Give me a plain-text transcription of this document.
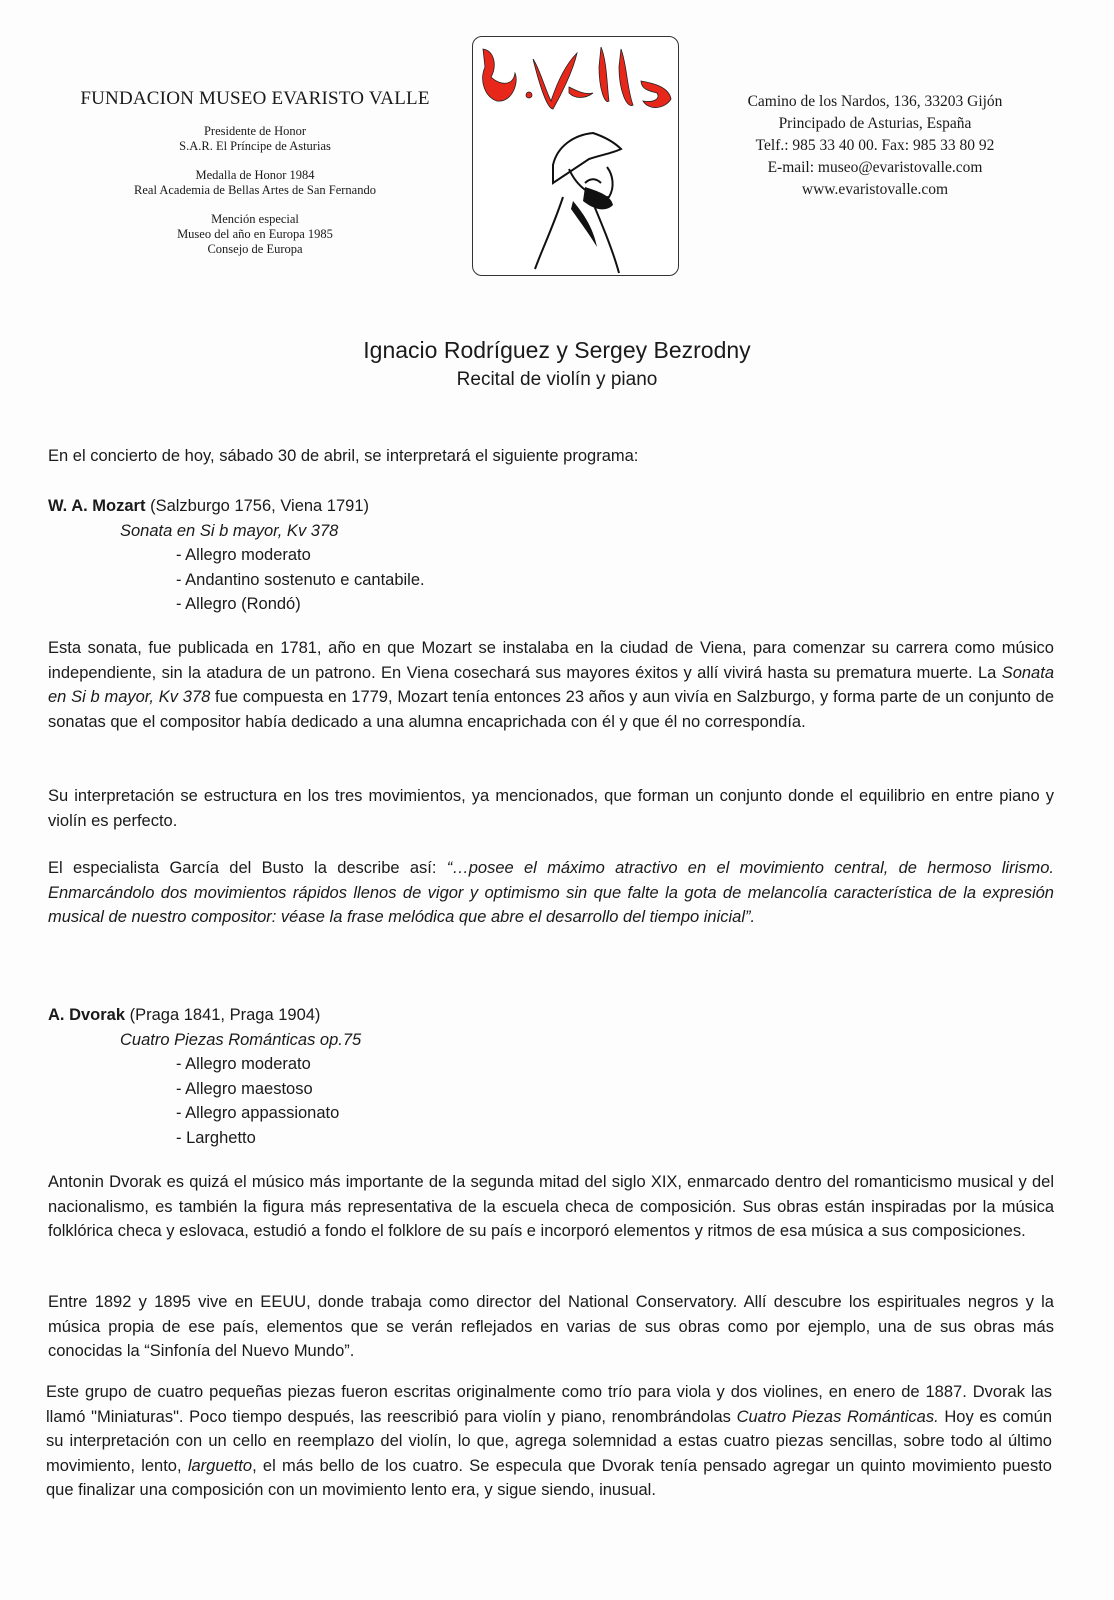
FUNDACION MUSEO EVARISTO VALLE
Presidente de Honor
S.A.R. El Príncipe de Asturias
Medalla de Honor 1984
Real Academia de Bellas Artes de San Fernando
Mención especial
Museo del año en Europa 1985
Consejo de Europa
Camino de los Nardos, 136, 33203 Gijón
Principado de Asturias, España
Telf.: 985 33 40 00. Fax: 985 33 80 92
E-mail: museo@evaristovalle.com
www.evaristovalle.com
Ignacio Rodríguez y Sergey Bezrodny
Recital de violín y piano
En el concierto de hoy, sábado 30 de abril, se interpretará el siguiente programa:
W. A. Mozart (Salzburgo 1756, Viena 1791)
Sonata en Si b mayor, Kv 378
- Allegro moderato
- Andantino sostenuto e cantabile.
- Allegro (Rondó)
Esta sonata, fue publicada en 1781, año en que Mozart se instalaba en la ciudad de Viena, para comenzar su carrera como músico independiente, sin la atadura de un patrono. En Viena cosechará sus mayores éxitos y allí vivirá hasta su prematura muerte. La Sonata en Si b mayor, Kv 378 fue compuesta en 1779, Mozart tenía entonces 23 años y aun vivía en Salzburgo, y forma parte de un conjunto de sonatas que el compositor había dedicado a una alumna encaprichada con él y que él no correspondía.
Su interpretación se estructura en los tres movimientos, ya mencionados, que forman un conjunto donde el equilibrio en entre piano y violín es perfecto.
El especialista García del Busto la describe así: “…posee el máximo atractivo en el movimiento central, de hermoso lirismo. Enmarcándolo dos movimientos rápidos llenos de vigor y optimismo sin que falte la gota de melancolía característica de la expresión musical de nuestro compositor: véase la frase melódica que abre el desarrollo del tiempo inicial”.
A. Dvorak (Praga 1841, Praga 1904)
Cuatro Piezas Románticas op.75
- Allegro moderato
- Allegro maestoso
- Allegro appassionato
- Larghetto
Antonin Dvorak es quizá el músico más importante de la segunda mitad del siglo XIX, enmarcado dentro del romanticismo musical y del nacionalismo, es también la figura más representativa de la escuela checa de composición. Sus obras están inspiradas por la música folklórica checa y eslovaca, estudió a fondo el folklore de su país e incorporó elementos y ritmos de esa música a sus composiciones.
Entre 1892 y 1895 vive en EEUU, donde trabaja como director del National Conservatory. Allí descubre los espirituales negros y la música propia de ese país, elementos que se verán reflejados en varias de sus obras como por ejemplo, una de sus obras más conocidas la “Sinfonía del Nuevo Mundo”.
Este grupo de cuatro pequeñas piezas fueron escritas originalmente como trío para viola y dos violines, en enero de 1887. Dvorak las llamó "Miniaturas". Poco tiempo después, las reescribió para violín y piano, renombrándolas Cuatro Piezas Románticas. Hoy es común su interpretación con un cello en reemplazo del violín, lo que, agrega solemnidad a estas cuatro piezas sencillas, sobre todo al último movimiento, lento, larguetto, el más bello de los cuatro. Se especula que Dvorak tenía pensado agregar un quinto movimiento puesto que finalizar una composición con un movimiento lento era, y sigue siendo, inusual.
